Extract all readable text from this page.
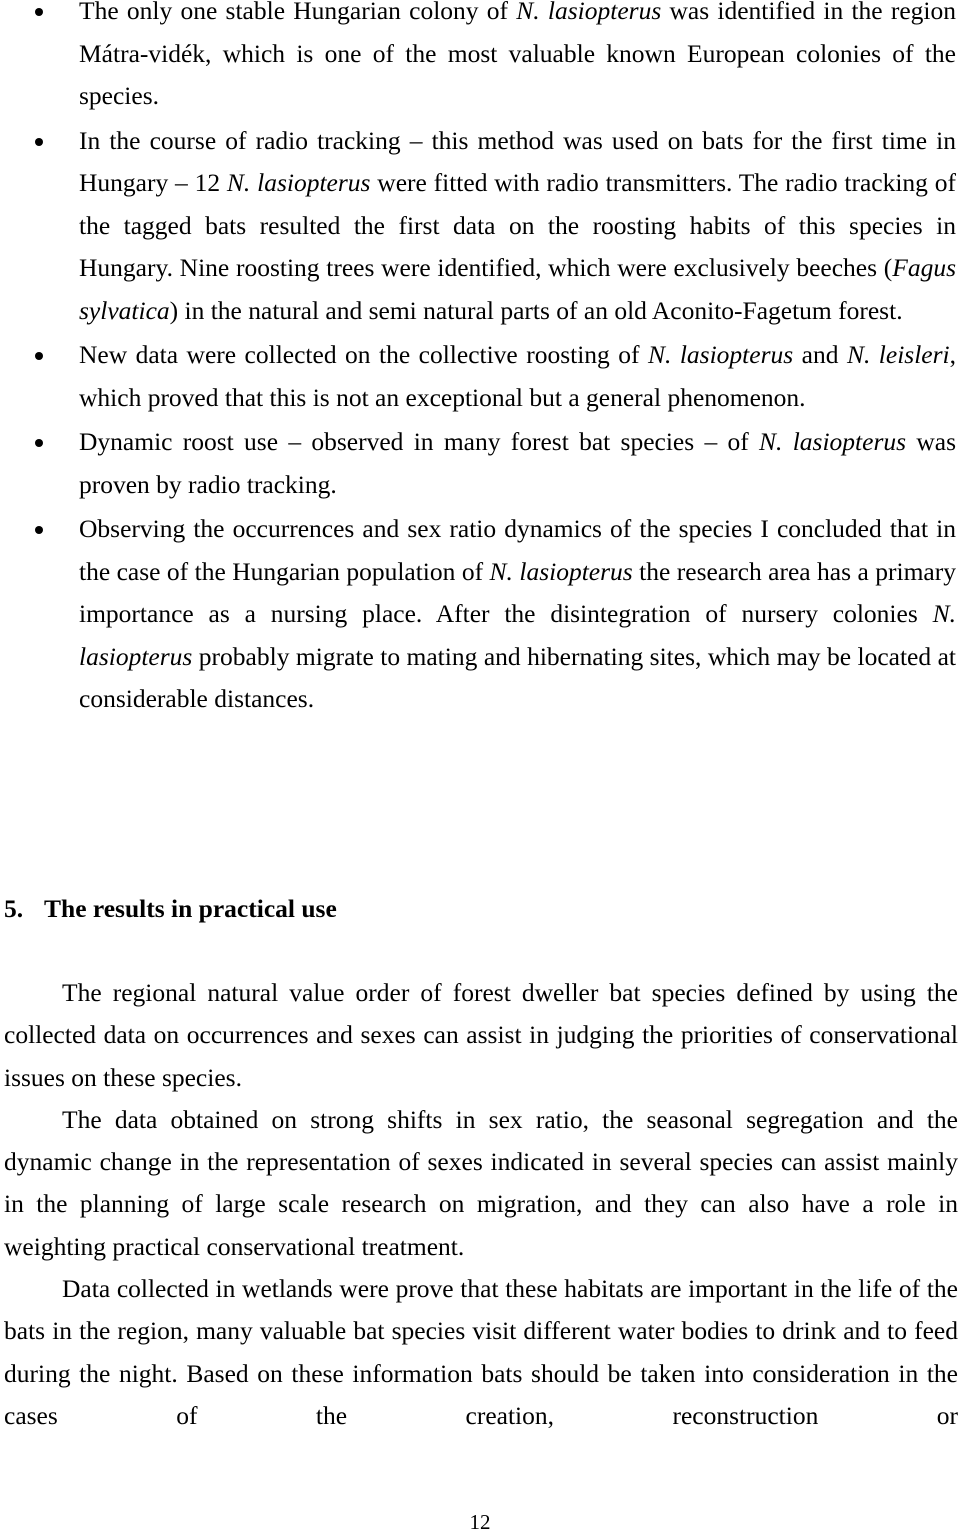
The only one stable Hungarian colony of N. lasiopterus was identified in the region Mátra-vidék, which is one of the most valuable known European colonies of the species.
In the course of radio tracking – this method was used on bats for the first time in Hungary – 12 N. lasiopterus were fitted with radio transmitters. The radio tracking of the tagged bats resulted the first data on the roosting habits of this species in Hungary. Nine roosting trees were identified, which were exclusively beeches (Fagus sylvatica) in the natural and semi natural parts of an old Aconito-Fagetum forest.
New data were collected on the collective roosting of N. lasiopterus and N. leisleri, which proved that this is not an exceptional but a general phenomenon.
Dynamic roost use – observed in many forest bat species – of N. lasiopterus was proven by radio tracking.
Observing the occurrences and sex ratio dynamics of the species I concluded that in the case of the Hungarian population of N. lasiopterus the research area has a primary importance as a nursing place. After the disintegration of nursery colonies N. lasiopterus probably migrate to mating and hibernating sites, which may be located at considerable distances.
5. The results in practical use

The regional natural value order of forest dweller bat species defined by using the collected data on occurrences and sexes can assist in judging the priorities of conservational issues on these species.

The data obtained on strong shifts in sex ratio, the seasonal segregation and the dynamic change in the representation of sexes indicated in several species can assist mainly in the planning of large scale research on migration, and they can also have a role in weighting practical conservational treatment.

Data collected in wetlands were prove that these habitats are important in the life of the bats in the region, many valuable bat species visit different water bodies to drink and to feed during the night. Based on these information bats should be taken into consideration in the cases of the creation, reconstruction or

12
